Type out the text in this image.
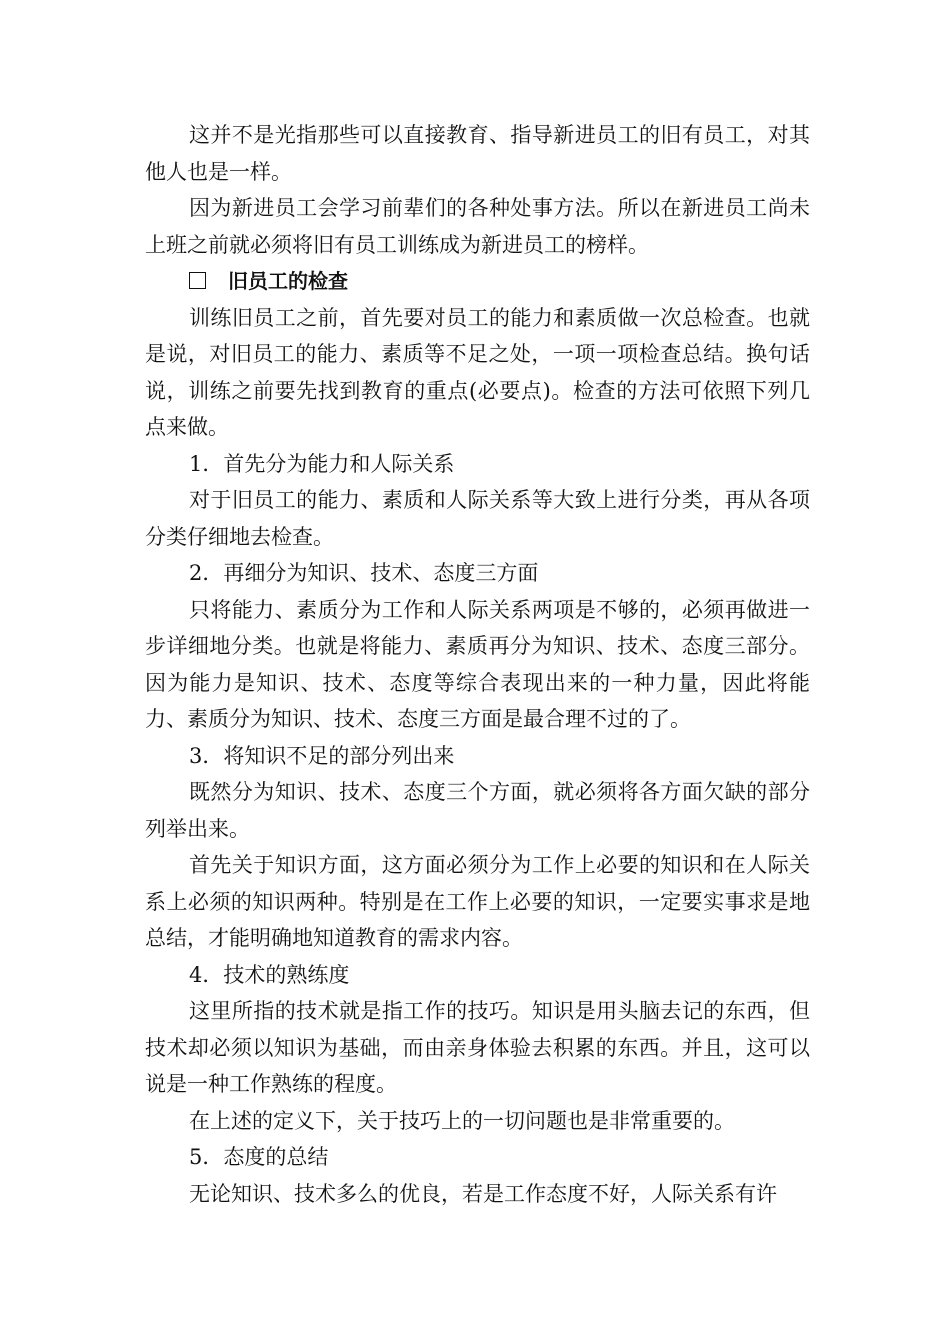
这并不是光指那些可以直接教育、指导新进员工的旧有员工，对其他人也是一样。

因为新进员工会学习前辈们的各种处事方法。所以在新进员工尚未上班之前就必须将旧有员工训练成为新进员工的榜样。

旧员工的检查

训练旧员工之前，首先要对员工的能力和素质做一次总检查。也就是说，对旧员工的能力、素质等不足之处，一项一项检查总结。换句话说，训练之前要先找到教育的重点(必要点)。检查的方法可依照下列几点来做。

1．首先分为能力和人际关系

对于旧员工的能力、素质和人际关系等大致上进行分类，再从各项分类仔细地去检查。

2．再细分为知识、技术、态度三方面

只将能力、素质分为工作和人际关系两项是不够的，必须再做进一步详细地分类。也就是将能力、素质再分为知识、技术、态度三部分。因为能力是知识、技术、态度等综合表现出来的一种力量，因此将能力、素质分为知识、技术、态度三方面是最合理不过的了。

3．将知识不足的部分列出来

既然分为知识、技术、态度三个方面，就必须将各方面欠缺的部分列举出来。

首先关于知识方面，这方面必须分为工作上必要的知识和在人际关系上必须的知识两种。特别是在工作上必要的知识，一定要实事求是地总结，才能明确地知道教育的需求内容。

4．技术的熟练度

这里所指的技术就是指工作的技巧。知识是用头脑去记的东西，但技术却必须以知识为基础，而由亲身体验去积累的东西。并且，这可以说是一种工作熟练的程度。

在上述的定义下，关于技巧上的一切问题也是非常重要的。

5．态度的总结

无论知识、技术多么的优良，若是工作态度不好，人际关系有许
